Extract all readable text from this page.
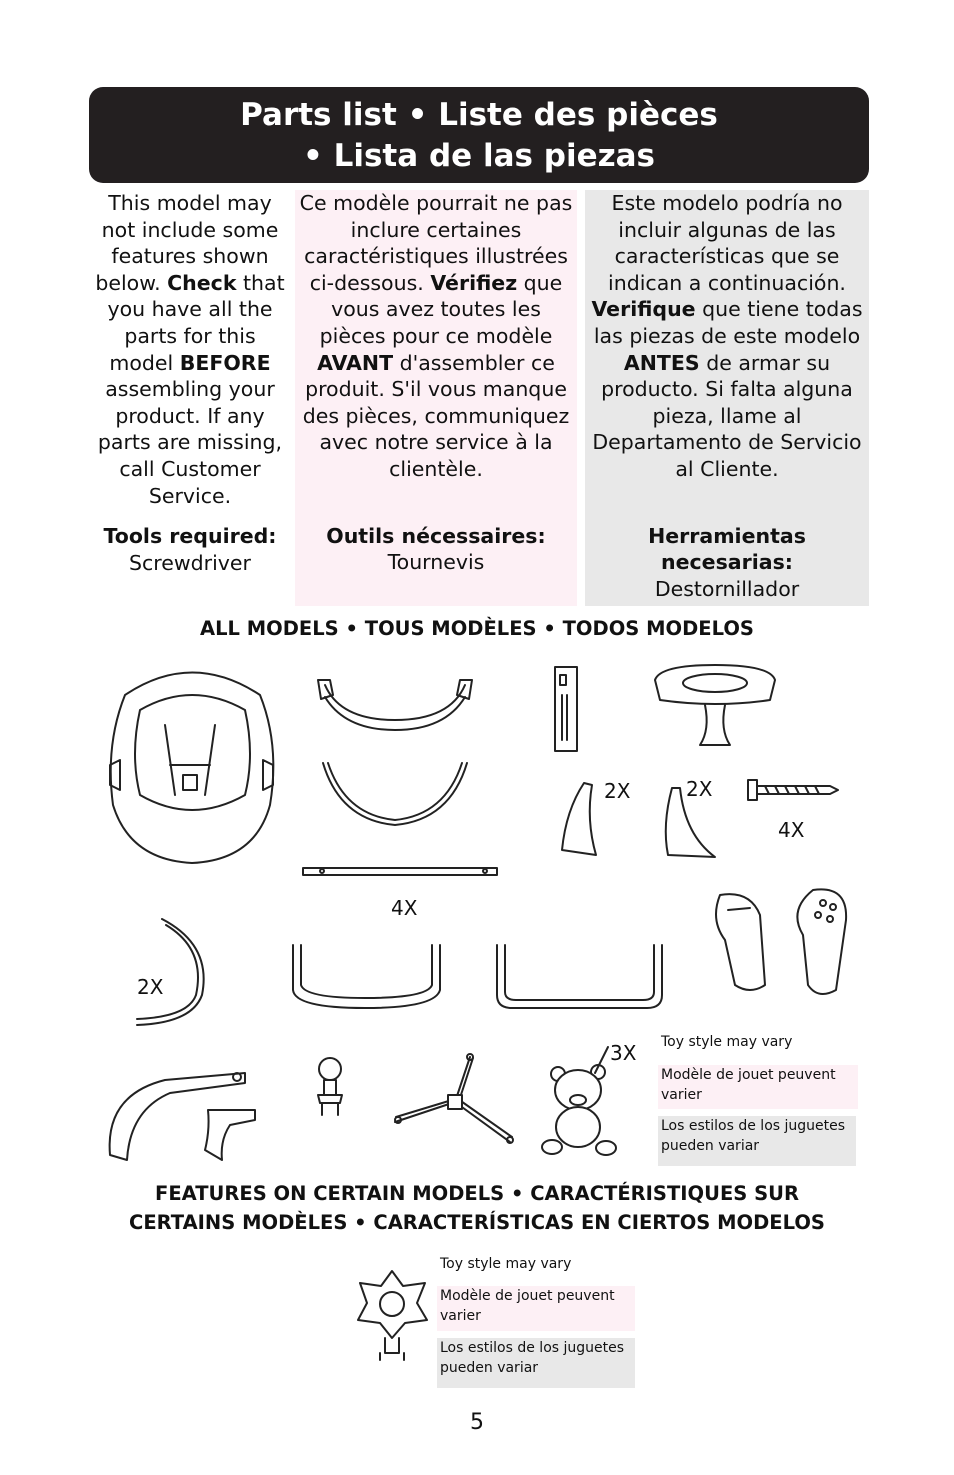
Parts list • Liste des pièces
• Lista de las piezas

This model may not include some features shown below. Check that you have all the parts for this model BEFORE assembling your product. If any parts are missing, call Customer Service.

Tools required:
Screwdriver

Ce modèle pourrait ne pas inclure certaines caractéristiques illustrées ci-dessous. Vérifiez que vous avez toutes les pièces pour ce modèle AVANT d'assembler ce produit. S'il vous manque des pièces, communiquez avec notre service à la clientèle.

Outils nécessaires:
Tournevis

Este modelo podría no incluir algunas de las características que se indican a continuación. Verifique que tiene todas las piezas de este modelo ANTES de armar su producto. Si falta alguna pieza, llame al Departamento de Servicio al Cliente.

Herramientas necesarias:
Destornillador

ALL MODELS • TOUS MODÈLES • TODOS MODELOS
2X	2X
4X
2X
4X
Toy style may vary
Modèle de jouet peuvent varier
Los estilos de los juguetes pueden variar
3X
FEATURES ON CERTAIN MODELS • CARACTÉRISTIQUES SUR
CERTAINS MODÈLES • CARACTERÍSTICAS EN CIERTOS MODELOS
Toy style may vary
Modèle de jouet peuvent varier
Los estilos de los juguetes pueden variar
5
